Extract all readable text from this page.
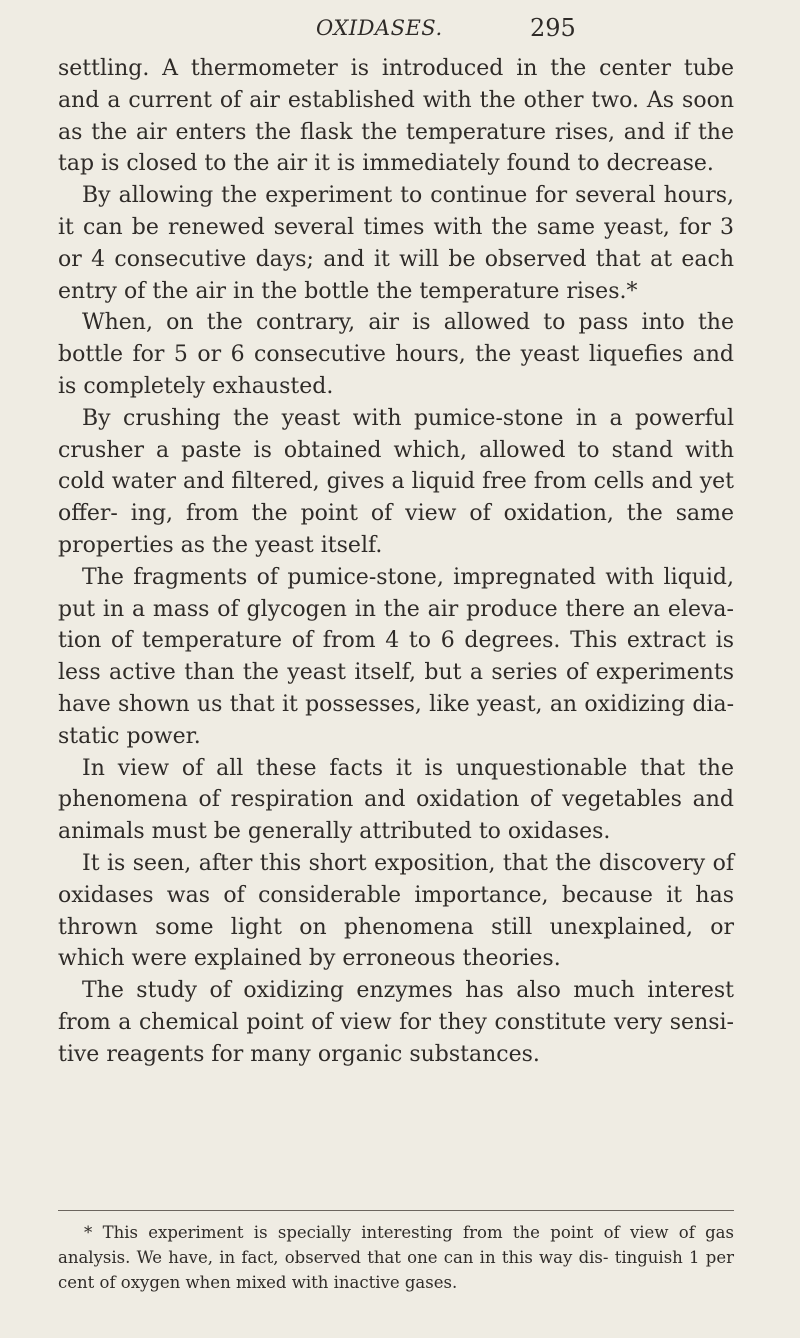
OXIDASES.	295

settling. A thermometer is introduced in the center tube and a current of air established with the other two. As soon as the air enters the flask the temperature rises, and if the tap is closed to the air it is immediately found to decrease.

By allowing the experiment to continue for several hours, it can be renewed several times with the same yeast, for 3 or 4 consecutive days; and it will be observed that at each entry of the air in the bottle the temperature rises.*

When, on the contrary, air is allowed to pass into the bottle for 5 or 6 consecutive hours, the yeast liquefies and is completely exhausted.

By crushing the yeast with pumice-stone in a powerful crusher a paste is obtained which, allowed to stand with cold water and filtered, gives a liquid free from cells and yet offer- ing, from the point of view of oxidation, the same properties as the yeast itself.

The fragments of pumice-stone, impregnated with liquid, put in a mass of glycogen in the air produce there an eleva- tion of temperature of from 4 to 6 degrees. This extract is less active than the yeast itself, but a series of experiments have shown us that it possesses, like yeast, an oxidizing dia- static power.

In view of all these facts it is unquestionable that the phenomena of respiration and oxidation of vegetables and animals must be generally attributed to oxidases.

It is seen, after this short exposition, that the discovery of oxidases was of considerable importance, because it has thrown some light on phenomena still unexplained, or which were explained by erroneous theories.

The study of oxidizing enzymes has also much interest from a chemical point of view for they constitute very sensi- tive reagents for many organic substances.

* This experiment is specially interesting from the point of view of gas analysis. We have, in fact, observed that one can in this way dis- tinguish 1 per cent of oxygen when mixed with inactive gases.
